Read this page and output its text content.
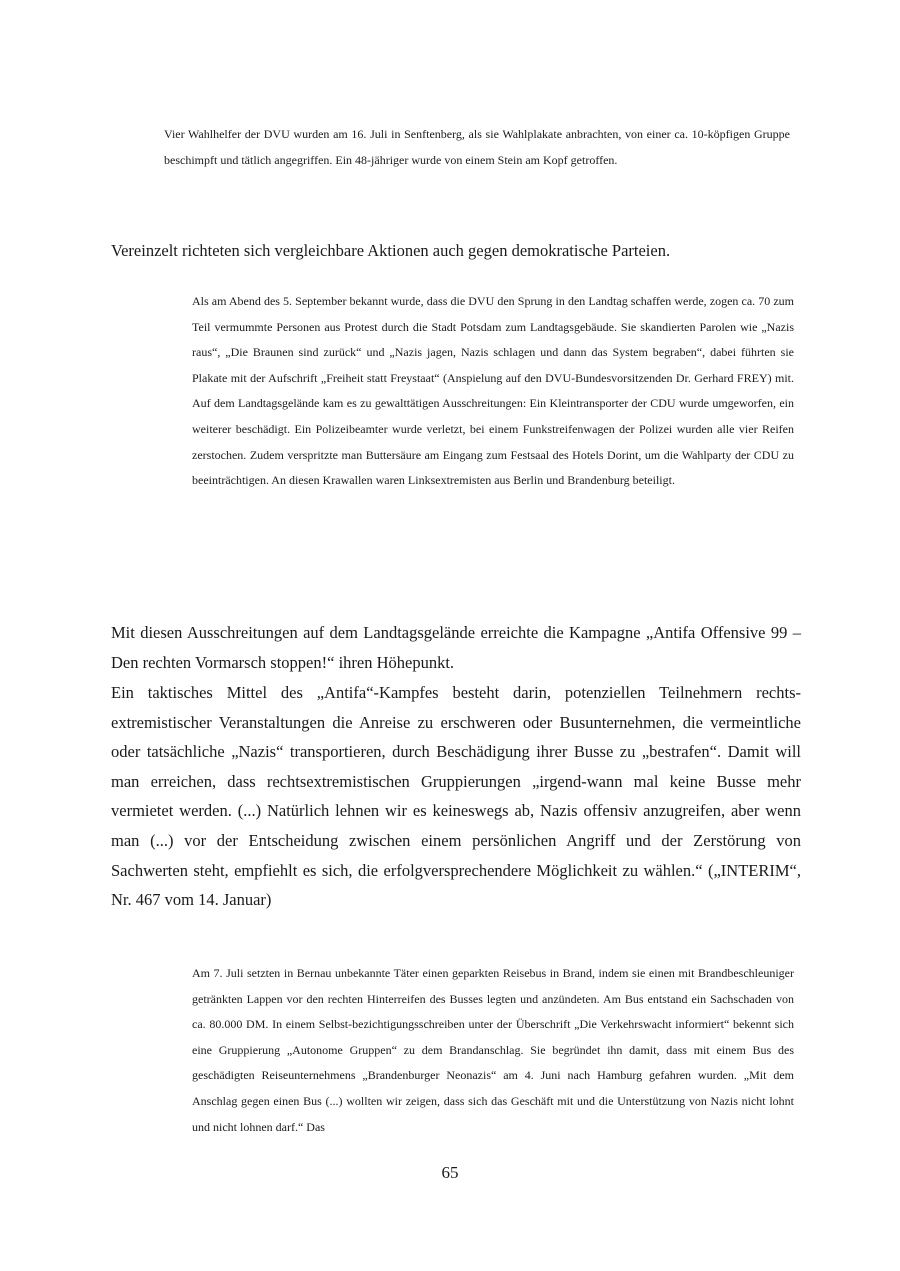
Vier Wahlhelfer der DVU wurden am 16. Juli in Senftenberg, als sie Wahlplakate anbrachten, von einer ca. 10-köpfigen Gruppe beschimpft und tätlich angegriffen. Ein 48-jähriger wurde von einem Stein am Kopf getroffen.

Vereinzelt richteten sich vergleichbare Aktionen auch gegen demokratische Parteien.

Als am Abend des 5. September bekannt wurde, dass die DVU den Sprung in den Landtag schaffen werde, zogen ca. 70 zum Teil vermummte Personen aus Protest durch die Stadt Potsdam zum Landtagsgebäude. Sie skandierten Parolen wie „Nazis raus“, „Die Braunen sind zurück“ und „Nazis jagen, Nazis schlagen und dann das System begraben“, dabei führten sie Plakate mit der Aufschrift „Freiheit statt Freystaat“ (Anspielung auf den DVU-Bundesvorsitzenden Dr. Gerhard FREY) mit. Auf dem Landtagsgelände kam es zu gewalttätigen Ausschreitungen: Ein Kleintransporter der CDU wurde umgeworfen, ein weiterer beschädigt. Ein Polizeibeamter wurde verletzt, bei einem Funkstreifenwagen der Polizei wurden alle vier Reifen zerstochen. Zudem verspritzte man Buttersäure am Eingang zum Festsaal des Hotels Dorint, um die Wahlparty der CDU zu beeinträchtigen. An diesen Krawallen waren Linksextremisten aus Berlin und Brandenburg beteiligt.

Mit diesen Ausschreitungen auf dem Landtagsgelände erreichte die Kampagne „Antifa Offensive 99 – Den rechten Vormarsch stoppen!“ ihren Höhepunkt.

Ein taktisches Mittel des „Antifa“-Kampfes besteht darin, potenziellen Teilnehmern rechts-extremistischer Veranstaltungen die Anreise zu erschweren oder Busunternehmen, die vermeintliche oder tatsächliche „Nazis“ transportieren, durch Beschädigung ihrer Busse zu „bestrafen“. Damit will man erreichen, dass rechtsextremistischen Gruppierungen „irgend-wann mal keine Busse mehr vermietet werden. (...) Natürlich lehnen wir es keineswegs ab, Nazis offensiv anzugreifen, aber wenn man (...) vor der Entscheidung zwischen einem persönlichen Angriff und der Zerstörung von Sachwerten steht, empfiehlt es sich, die erfolgversprechendere Möglichkeit zu wählen.“ („INTERIM“, Nr. 467 vom 14. Januar)

Am 7. Juli setzten in Bernau unbekannte Täter einen geparkten Reisebus in Brand, indem sie einen mit Brandbeschleuniger getränkten Lappen vor den rechten Hinterreifen des Busses legten und anzündeten. Am Bus entstand ein Sachschaden von ca. 80.000 DM. In einem Selbst-bezichtigungsschreiben unter der Überschrift „Die Verkehrswacht informiert“ bekennt sich eine Gruppierung „Autonome Gruppen“ zu dem Brandanschlag. Sie begründet ihn damit, dass mit einem Bus des geschädigten Reiseunternehmens „Brandenburger Neonazis“ am 4. Juni nach Hamburg gefahren wurden. „Mit dem Anschlag gegen einen Bus (...) wollten wir zeigen, dass sich das Geschäft mit und die Unterstützung von Nazis nicht lohnt und nicht lohnen darf.“ Das

65
